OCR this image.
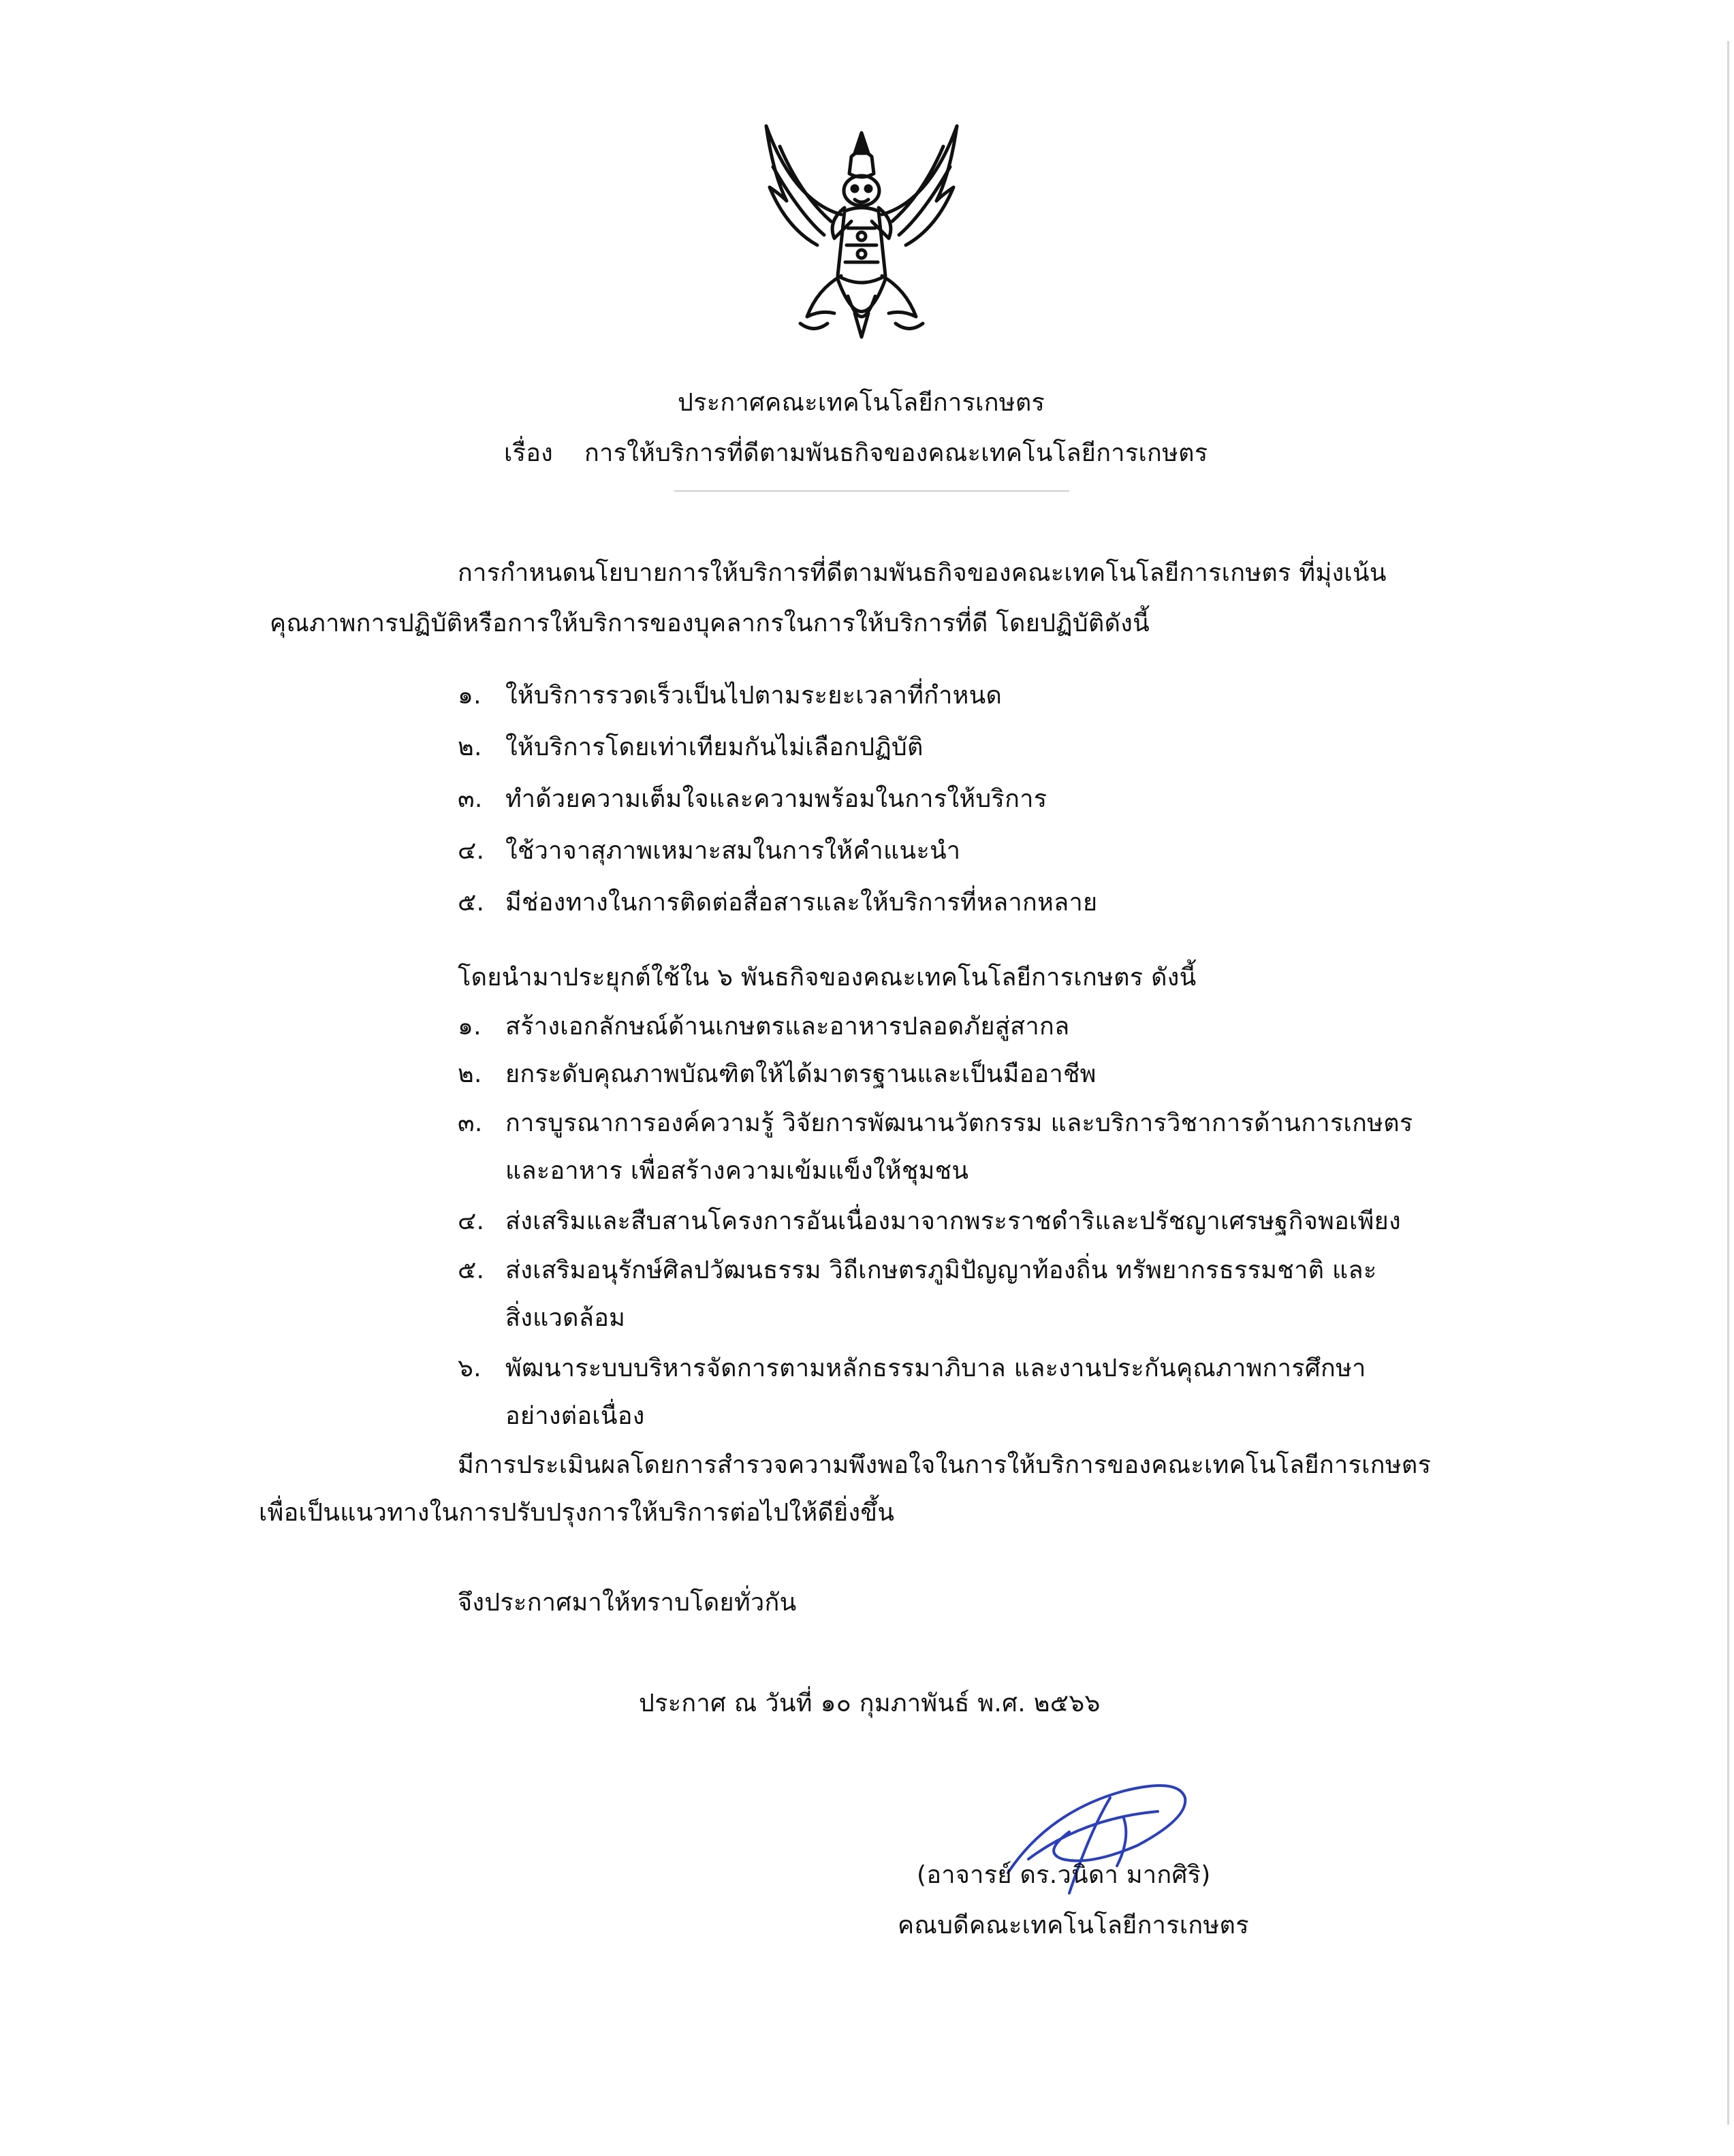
ประกาศคณะเทคโนโลยีการเกษตร
เรื่อง การให้บริการที่ดีตามพันธกิจของคณะเทคโนโลยีการเกษตร
การกำหนดนโยบายการให้บริการที่ดีตามพันธกิจของคณะเทคโนโลยีการเกษตร ที่มุ่งเน้น
คุณภาพการปฏิบัติหรือการให้บริการของบุคลากรในการให้บริการที่ดี โดยปฏิบัติดังนี้
๑. ให้บริการรวดเร็วเป็นไปตามระยะเวลาที่กำหนด
๒. ให้บริการโดยเท่าเทียมกันไม่เลือกปฏิบัติ
๓. ทำด้วยความเต็มใจและความพร้อมในการให้บริการ
๔. ใช้วาจาสุภาพเหมาะสมในการให้คำแนะนำ
๕. มีช่องทางในการติดต่อสื่อสารและให้บริการที่หลากหลาย
โดยนำมาประยุกต์ใช้ใน ๖ พันธกิจของคณะเทคโนโลยีการเกษตร ดังนี้
๑. สร้างเอกลักษณ์ด้านเกษตรและอาหารปลอดภัยสู่สากล
๒. ยกระดับคุณภาพบัณฑิตให้ได้มาตรฐานและเป็นมืออาชีพ
๓. การบูรณาการองค์ความรู้ วิจัยการพัฒนานวัตกรรม และบริการวิชาการด้านการเกษตร
และอาหาร เพื่อสร้างความเข้มแข็งให้ชุมชน
๔. ส่งเสริมและสืบสานโครงการอันเนื่องมาจากพระราชดำริและปรัชญาเศรษฐกิจพอเพียง
๕. ส่งเสริมอนุรักษ์ศิลปวัฒนธรรม วิถีเกษตรภูมิปัญญาท้องถิ่น ทรัพยากรธรรมชาติ และ
สิ่งแวดล้อม
๖. พัฒนาระบบบริหารจัดการตามหลักธรรมาภิบาล และงานประกันคุณภาพการศึกษา
อย่างต่อเนื่อง
มีการประเมินผลโดยการสำรวจความพึงพอใจในการให้บริการของคณะเทคโนโลยีการเกษตร
เพื่อเป็นแนวทางในการปรับปรุงการให้บริการต่อไปให้ดียิ่งขึ้น
จึงประกาศมาให้ทราบโดยทั่วกัน
ประกาศ ณ วันที่ ๑๐ กุมภาพันธ์ พ.ศ. ๒๕๖๖
(อาจารย์ ดร.วนิดา มากศิริ)
คณบดีคณะเทคโนโลยีการเกษตร
